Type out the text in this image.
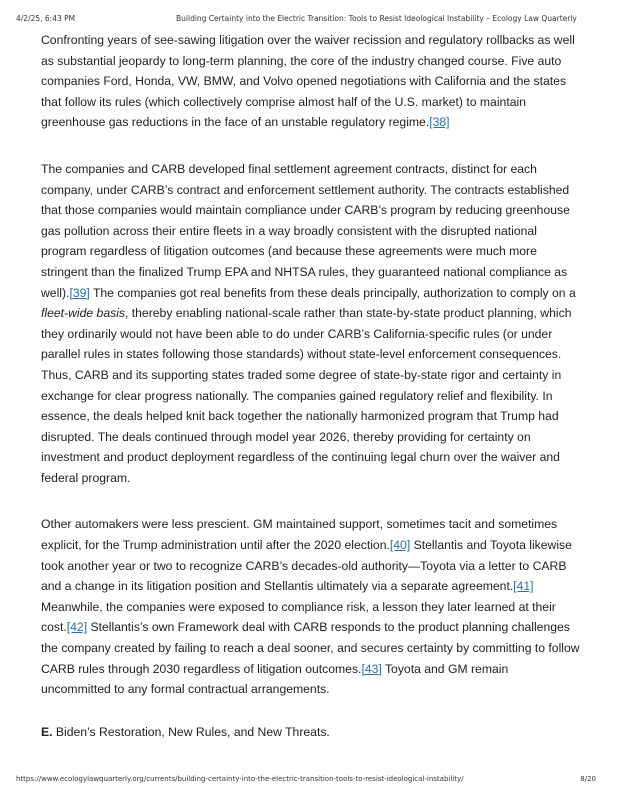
4/2/25, 6:43 PM	Building Certainty into the Electric Transition: Tools to Resist Ideological Instability – Ecology Law Quarterly

Confronting years of see-sawing litigation over the waiver recission and regulatory rollbacks as well as substantial jeopardy to long-term planning, the core of the industry changed course. Five auto companies Ford, Honda, VW, BMW, and Volvo opened negotiations with California and the states that follow its rules (which collectively comprise almost half of the U.S. market) to maintain greenhouse gas reductions in the face of an unstable regulatory regime.[38]

The companies and CARB developed final settlement agreement contracts, distinct for each company, under CARB’s contract and enforcement settlement authority. The contracts established that those companies would maintain compliance under CARB’s program by reducing greenhouse gas pollution across their entire fleets in a way broadly consistent with the disrupted national program regardless of litigation outcomes (and because these agreements were much more stringent than the finalized Trump EPA and NHTSA rules, they guaranteed national compliance as well).[39] The companies got real benefits from these deals principally, authorization to comply on a fleet-wide basis, thereby enabling national-scale rather than state-by-state product planning, which they ordinarily would not have been able to do under CARB’s California-specific rules (or under parallel rules in states following those standards) without state-level enforcement consequences. Thus, CARB and its supporting states traded some degree of state-by-state rigor and certainty in exchange for clear progress nationally. The companies gained regulatory relief and flexibility. In essence, the deals helped knit back together the nationally harmonized program that Trump had disrupted. The deals continued through model year 2026, thereby providing for certainty on investment and product deployment regardless of the continuing legal churn over the waiver and federal program.

Other automakers were less prescient. GM maintained support, sometimes tacit and sometimes explicit, for the Trump administration until after the 2020 election.[40] Stellantis and Toyota likewise took another year or two to recognize CARB’s decades-old authority—Toyota via a letter to CARB and a change in its litigation position and Stellantis ultimately via a separate agreement.[41] Meanwhile, the companies were exposed to compliance risk, a lesson they later learned at their cost.[42] Stellantis’s own Framework deal with CARB responds to the product planning challenges the company created by failing to reach a deal sooner, and secures certainty by committing to follow CARB rules through 2030 regardless of litigation outcomes.[43] Toyota and GM remain uncommitted to any formal contractual arrangements.

E. Biden’s Restoration, New Rules, and New Threats.
https://www.ecologylawquarterly.org/currents/building-certainty-into-the-electric-transition-tools-to-resist-ideological-instability/	8/20
